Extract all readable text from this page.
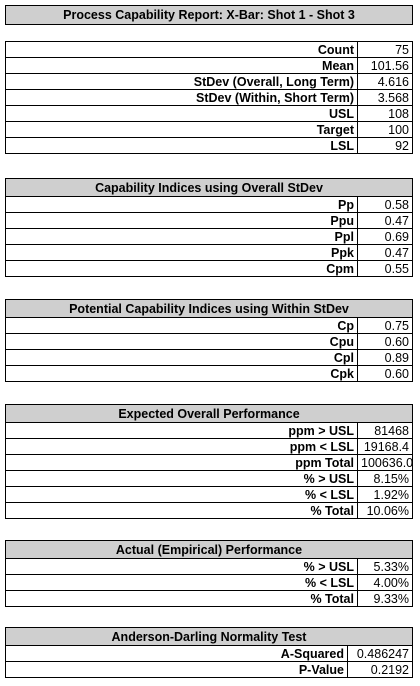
Process Capability Report: X-Bar: Shot 1 - Shot 3
Count	75
Mean	101.56
StDev (Overall, Long Term)	4.616
StDev (Within, Short Term)	3.568
USL	108
Target	100
LSL	92
Capability Indices using Overall StDev	
Pp	0.58
Ppu	0.47
Ppl	0.69
Ppk	0.47
Cpm	0.55
Potential Capability Indices using Within StDev	
Cp	0.75
Cpu	0.60
Cpl	0.89
Cpk	0.60
Expected Overall Performance	
ppm > USL	81468
ppm < LSL	19168.4
ppm Total	100636.0
% > USL	8.15%
% < LSL	1.92%
% Total	10.06%
Actual (Empirical) Performance	
% > USL	5.33%
% < LSL	4.00%
% Total	9.33%
Anderson-Darling Normality Test	
A-Squared	0.486247
P-Value	0.2192
